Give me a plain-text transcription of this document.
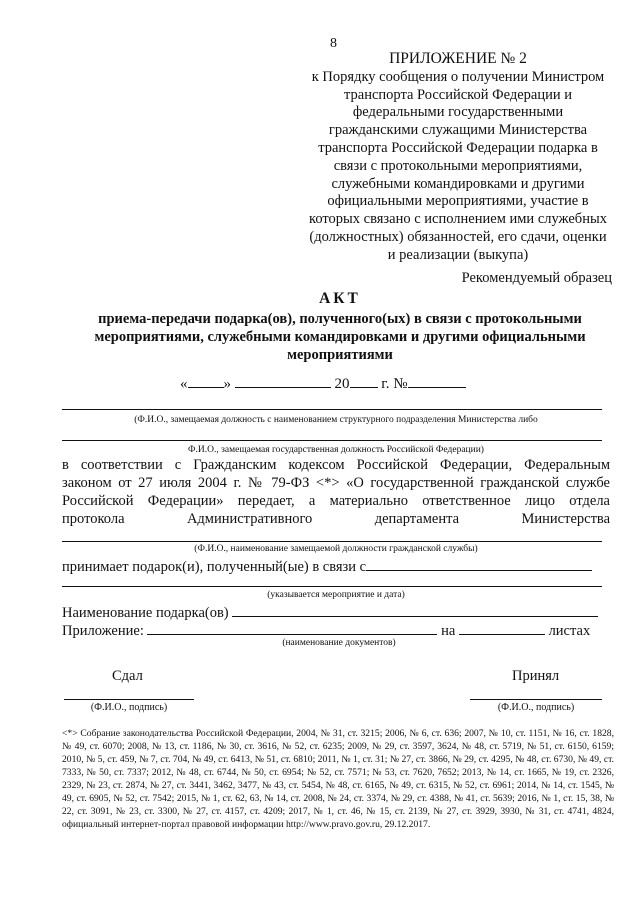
8
ПРИЛОЖЕНИЕ № 2
к Порядку сообщения о получении Министром
транспорта Российской Федерации и
федеральными государственными
гражданскими служащими Министерства
транспорта Российской Федерации подарка в
связи с протокольными мероприятиями,
служебными командировками и другими
официальными мероприятиями, участие в
которых связано с исполнением ими служебных
(должностных) обязанностей, его сдачи, оценки
и реализации (выкупа)
Рекомендуемый образец
АКТ
приема-передачи подарка(ов), полученного(ых) в связи с протокольными
мероприятиями, служебными командировками и другими официальными
мероприятиями
« »	20 г. №
(Ф.И.О., замещаемая должность с наименованием структурного подразделения Министерства либо
Ф.И.О., замещаемая государственная должность Российской Федерации)

в соответствии с Гражданским кодексом Российской Федерации, Федеральным

законом от 27 июля 2004 г. № 79-ФЗ <*> «О государственной гражданской службе

Российской Федерации» передает, а материально ответственное лицо отдела

протокола Административного департамента Министерства

(Ф.И.О., наименование замещаемой должности гражданской службы)
принимает подарок(и), полученный(ые) в связи с
(указывается мероприятие и дата)
Наименование подарка(ов)
Приложение:	на	листах
(наименование документов)
Сдал	Принял
(Ф.И.О., подпись)	(Ф.И.О., подпись)
<*> Собрание законодательства Российской Федерации, 2004, № 31, ст. 3215; 2006, № 6, ст. 636; 2007, № 10, ст. 1151, № 16, ст. 1828, № 49, ст. 6070; 2008, № 13, ст. 1186, № 30, ст. 3616, № 52, ст. 6235; 2009, № 29, ст. 3597, 3624, № 48, ст. 5719, № 51, ст. 6150, 6159; 2010, № 5, ст. 459, № 7, ст. 704, № 49, ст. 6413, № 51, ст. 6810; 2011, № 1, ст. 31; № 27, ст. 3866, № 29, ст. 4295, № 48, ст. 6730, № 49, ст. 7333, № 50, ст. 7337; 2012, № 48, ст. 6744, № 50, ст. 6954; № 52, ст. 7571; № 53, ст. 7620, 7652; 2013, № 14, ст. 1665, № 19, ст. 2326, 2329, № 23, ст. 2874, № 27, ст. 3441, 3462, 3477, № 43, ст. 5454, № 48, ст. 6165, № 49, ст. 6315, № 52, ст. 6961; 2014, № 14, ст. 1545, № 49, ст. 6905, № 52, ст. 7542; 2015, № 1, ст. 62, 63, № 14, ст. 2008, № 24, ст. 3374, № 29, ст. 4388, № 41, ст. 5639; 2016, № 1, ст. 15, 38, № 22, ст. 3091, № 23, ст. 3300, № 27, ст. 4157, ст. 4209; 2017, № 1, ст. 46, № 15, ст. 2139, № 27, ст. 3929, 3930, № 31, ст. 4741, 4824, официальный интернет-портал правовой информации http://www.pravo.gov.ru, 29.12.2017.
